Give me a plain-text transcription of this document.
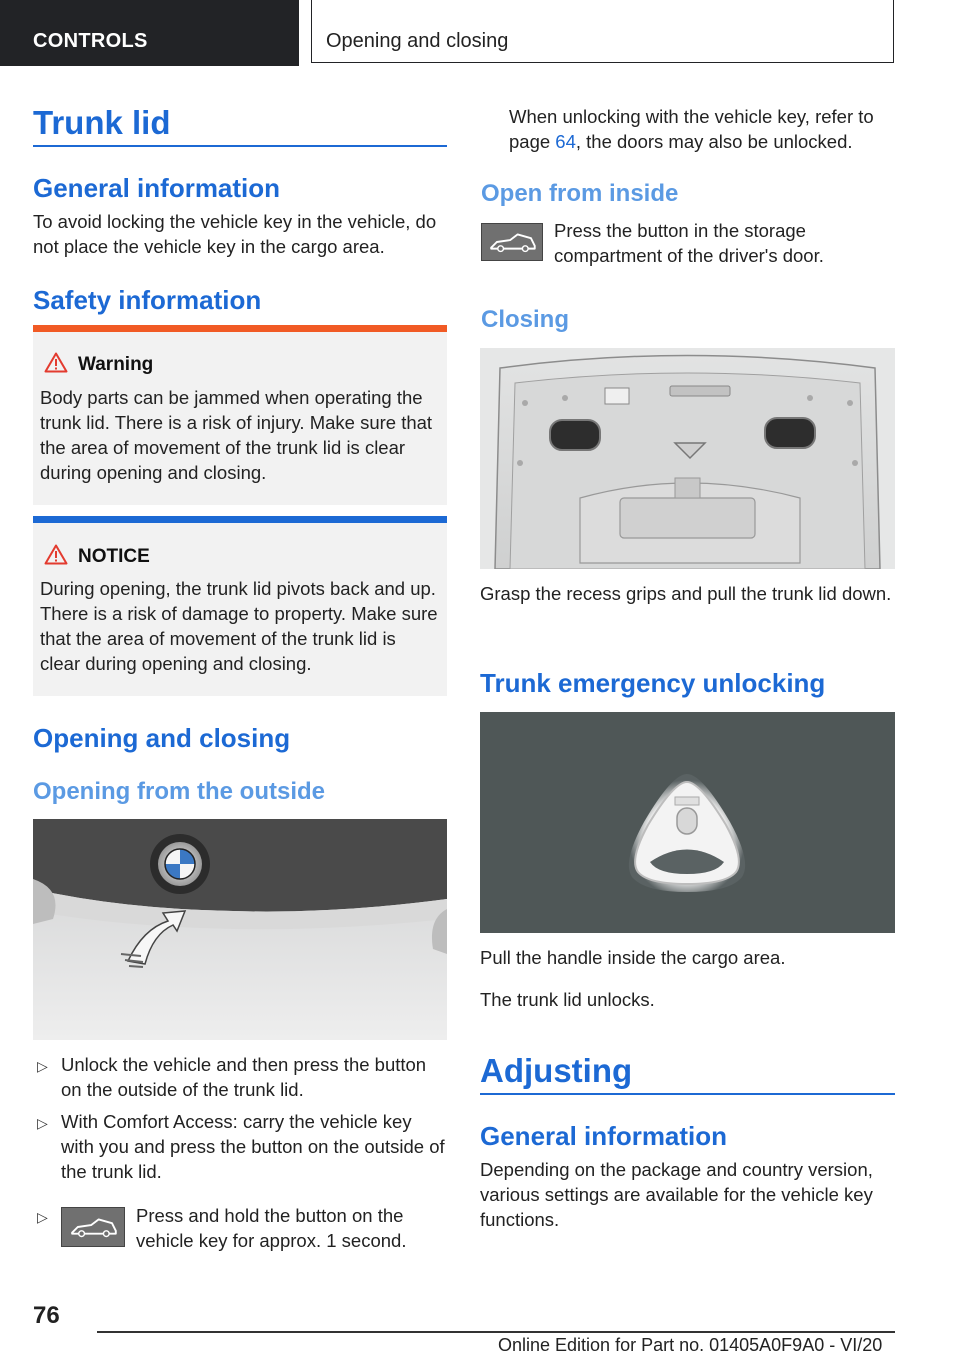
CONTROLS	Opening and closing
Trunk lid
General information
To avoid locking the vehicle key in the vehicle, do not place the vehicle key in the cargo area.
Safety information
Warning
Body parts can be jammed when operating the trunk lid. There is a risk of injury. Make sure that the area of movement of the trunk lid is clear during opening and closing.
NOTICE
During opening, the trunk lid pivots back and up. There is a risk of damage to property. Make sure that the area of movement of the trunk lid is clear during opening and closing.
Opening and closing
Opening from the outside
▷ Unlock the vehicle and then press the button on the outside of the trunk lid.
▷ With Comfort Access: carry the vehicle key with you and press the button on the outside of the trunk lid.
▷	Press and hold the button on the vehicle key for approx. 1 second.
When unlocking with the vehicle key, refer to page 64, the doors may also be unlocked.
Open from inside
Press the button in the storage compartment of the driver's door.
Closing
Grasp the recess grips and pull the trunk lid down.
Trunk emergency unlocking
Pull the handle inside the cargo area.
The trunk lid unlocks.
Adjusting
General information
Depending on the package and country version, various settings are available for the vehicle key functions.
76
Online Edition for Part no. 01405A0F9A0 - VI/20
